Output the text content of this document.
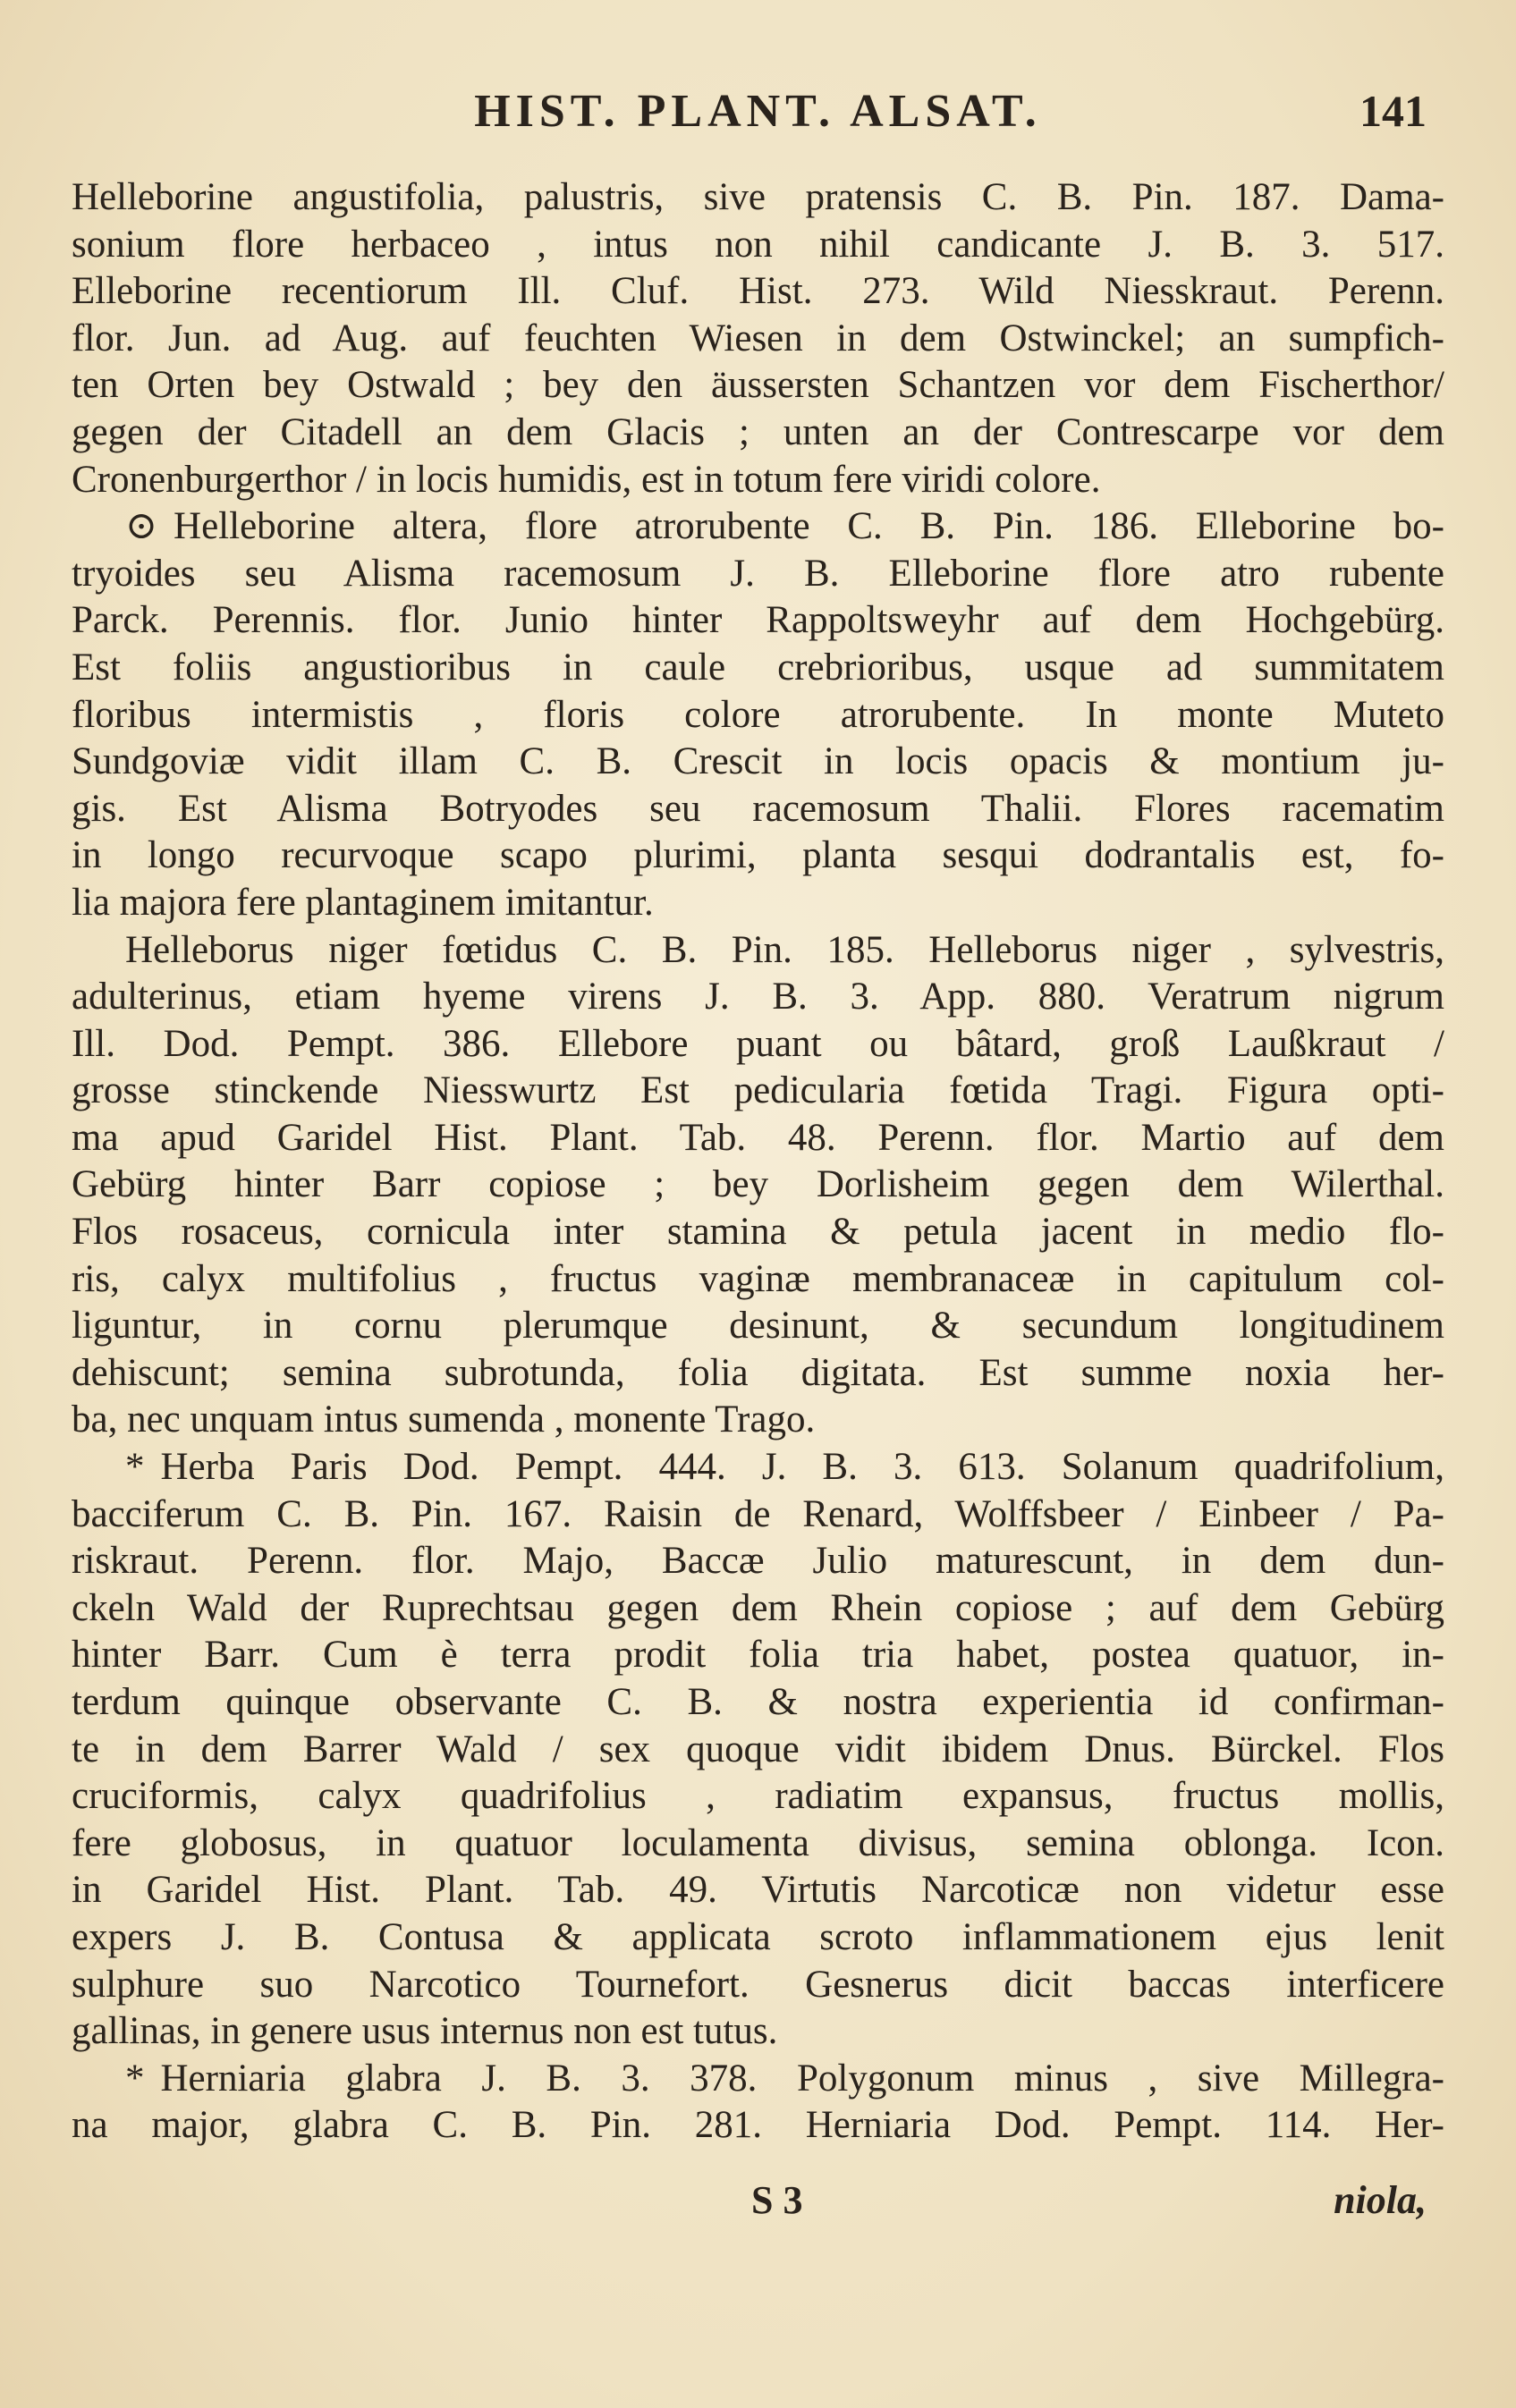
HIST. PLANT. ALSAT.	141
Helleborine angustifolia, palustris, sive pratensis C. B. Pin. 187. Dama-
sonium flore herbaceo , intus non nihil candicante J. B. 3. 517.
Elleborine recentiorum Ill. Cluf. Hist. 273. Wild Niesskraut. Perenn.
flor. Jun. ad Aug. auf feuchten Wiesen in dem Ostwinckel; an sumpfich-
ten Orten bey Ostwald ; bey den äussersten Schantzen vor dem Fischerthor/
gegen der Citadell an dem Glacis ; unten an der Contrescarpe vor dem
Cronenburgerthor / in locis humidis, est in totum fere viridi colore.
⊙ Helleborine altera, flore atrorubente C. B. Pin. 186. Elleborine bo-
tryoides seu Alisma racemosum J. B. Elleborine flore atro rubente
Parck. Perennis. flor. Junio hinter Rappoltsweyhr auf dem Hochgebürg.
Est foliis angustioribus in caule crebrioribus, usque ad summitatem
floribus intermistis , floris colore atrorubente. In monte Muteto
Sundgoviæ vidit illam C. B. Crescit in locis opacis & montium ju-
gis. Est Alisma Botryodes seu racemosum Thalii. Flores racematim
in longo recurvoque scapo plurimi, planta sesqui dodrantalis est, fo-
lia majora fere plantaginem imitantur.
Helleborus niger fœtidus C. B. Pin. 185. Helleborus niger , sylvestris,
adulterinus, etiam hyeme virens J. B. 3. App. 880. Veratrum nigrum
Ill. Dod. Pempt. 386. Ellebore puant ou bâtard, groß Laußkraut /
grosse stinckende Niesswurtz Est pedicularia fœtida Tragi. Figura opti-
ma apud Garidel Hist. Plant. Tab. 48. Perenn. flor. Martio auf dem
Gebürg hinter Barr copiose ; bey Dorlisheim gegen dem Wilerthal.
Flos rosaceus, cornicula inter stamina & petula jacent in medio flo-
ris, calyx multifolius , fructus vaginæ membranaceæ in capitulum col-
liguntur, in cornu plerumque desinunt, & secundum longitudinem
dehiscunt; semina subrotunda, folia digitata. Est summe noxia her-
ba, nec unquam intus sumenda , monente Trago.
* Herba Paris Dod. Pempt. 444. J. B. 3. 613. Solanum quadrifolium,
bacciferum C. B. Pin. 167. Raisin de Renard, Wolffsbeer / Einbeer / Pa-
riskraut. Perenn. flor. Majo, Baccæ Julio maturescunt, in dem dun-
ckeln Wald der Ruprechtsau gegen dem Rhein copiose ; auf dem Gebürg
hinter Barr. Cum è terra prodit folia tria habet, postea quatuor, in-
terdum quinque observante C. B. & nostra experientia id confirman-
te in dem Barrer Wald / sex quoque vidit ibidem Dnus. Bürckel. Flos
cruciformis, calyx quadrifolius , radiatim expansus, fructus mollis,
fere globosus, in quatuor loculamenta divisus, semina oblonga. Icon.
in Garidel Hist. Plant. Tab. 49. Virtutis Narcoticæ non videtur esse
expers J. B. Contusa & applicata scroto inflammationem ejus lenit
sulphure suo Narcotico Tournefort. Gesnerus dicit baccas interficere
gallinas, in genere usus internus non est tutus.
* Herniaria glabra J. B. 3. 378. Polygonum minus , sive Millegra-
na major, glabra C. B. Pin. 281. Herniaria Dod. Pempt. 114. Her-
S 3	niola,
